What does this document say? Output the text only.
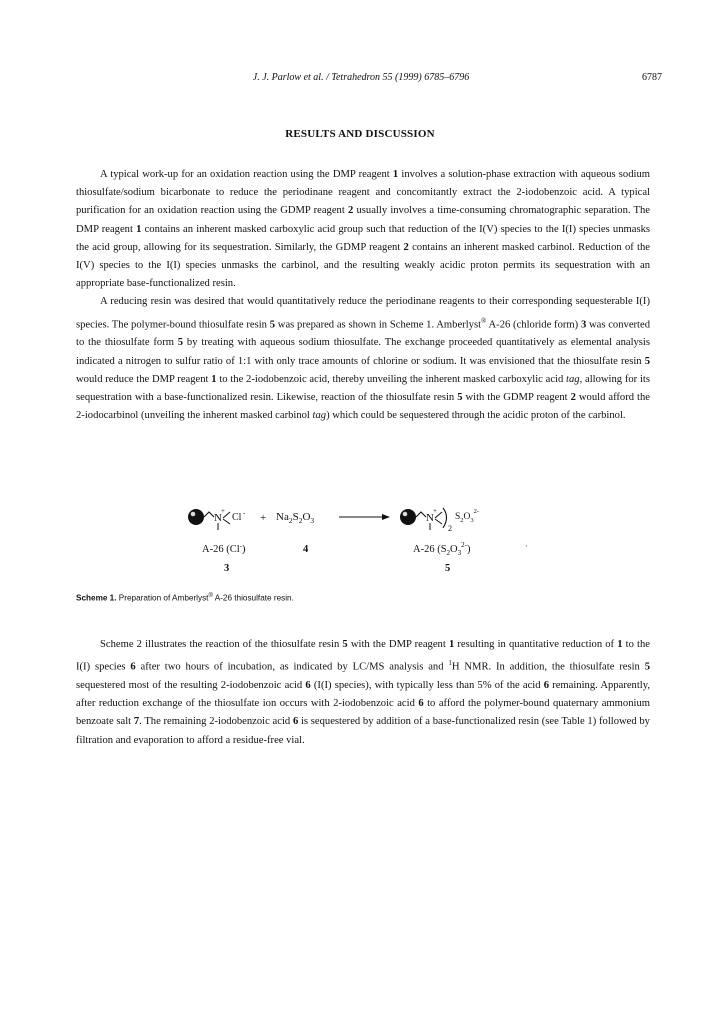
J. J. Parlow et al. / Tetrahedron 55 (1999) 6785–6796	6787
RESULTS AND DISCUSSION

A typical work-up for an oxidation reaction using the DMP reagent 1 involves a solution-phase extraction with aqueous sodium thiosulfate/sodium bicarbonate to reduce the periodinane reagent and concomitantly extract the 2-iodobenzoic acid. A typical purification for an oxidation reaction using the GDMP reagent 2 usually involves a time-consuming chromatographic separation. The DMP reagent 1 contains an inherent masked carboxylic acid group such that reduction of the I(V) species to the I(I) species unmasks the acid group, allowing for its sequestration. Similarly, the GDMP reagent 2 contains an inherent masked carbinol. Reduction of the I(V) species to the I(I) species unmasks the carbinol, and the resulting weakly acidic proton permits its sequestration with an appropriate base-functionalized resin.

A reducing resin was desired that would quantitatively reduce the periodinane reagents to their corresponding sequesterable I(I) species. The polymer-bound thiosulfate resin 5 was prepared as shown in Scheme 1. Amberlyst® A-26 (chloride form) 3 was converted to the thiosulfate form 5 by treating with aqueous sodium thiosulfate. The exchange proceeded quantitatively as elemental analysis indicated a nitrogen to sulfur ratio of 1:1 with only trace amounts of chlorine or sodium. It was envisioned that the thiosulfate resin 5 would reduce the DMP reagent 1 to the 2-iodobenzoic acid, thereby unveiling the inherent masked carboxylic acid tag, allowing for its sequestration with a base-functionalized resin. Likewise, reaction of the thiosulfate resin 5 with the GDMP reagent 2 would afford the 2-iodocarbinol (unveiling the inherent masked carbinol tag) which could be sequestered through the acidic proton of the carbinol.

N
+
Cl - + $Na_2S_2O_3$	N
+
2
$S_2O_3^{2-}$
A-26 (Cl-)	4	A-26 $(S_2O_3^{2-})$	·
3	5
Scheme 1. Preparation of Amberlyst® A-26 thiosulfate resin.

Scheme 2 illustrates the reaction of the thiosulfate resin 5 with the DMP reagent 1 resulting in quantitative reduction of 1 to the I(I) species 6 after two hours of incubation, as indicated by LC/MS analysis and $^1$H NMR. In addition, the thiosulfate resin 5 sequestered most of the resulting 2-iodobenzoic acid 6 (I(I) species), with typically less than 5% of the acid 6 remaining. Apparently, after reduction exchange of the thiosulfate ion occurs with 2-iodobenzoic acid 6 to afford the polymer-bound quaternary ammonium benzoate salt 7. The remaining 2-iodobenzoic acid 6 is sequestered by addition of a base-functionalized resin (see Table 1) followed by filtration and evaporation to afford a residue-free vial.
